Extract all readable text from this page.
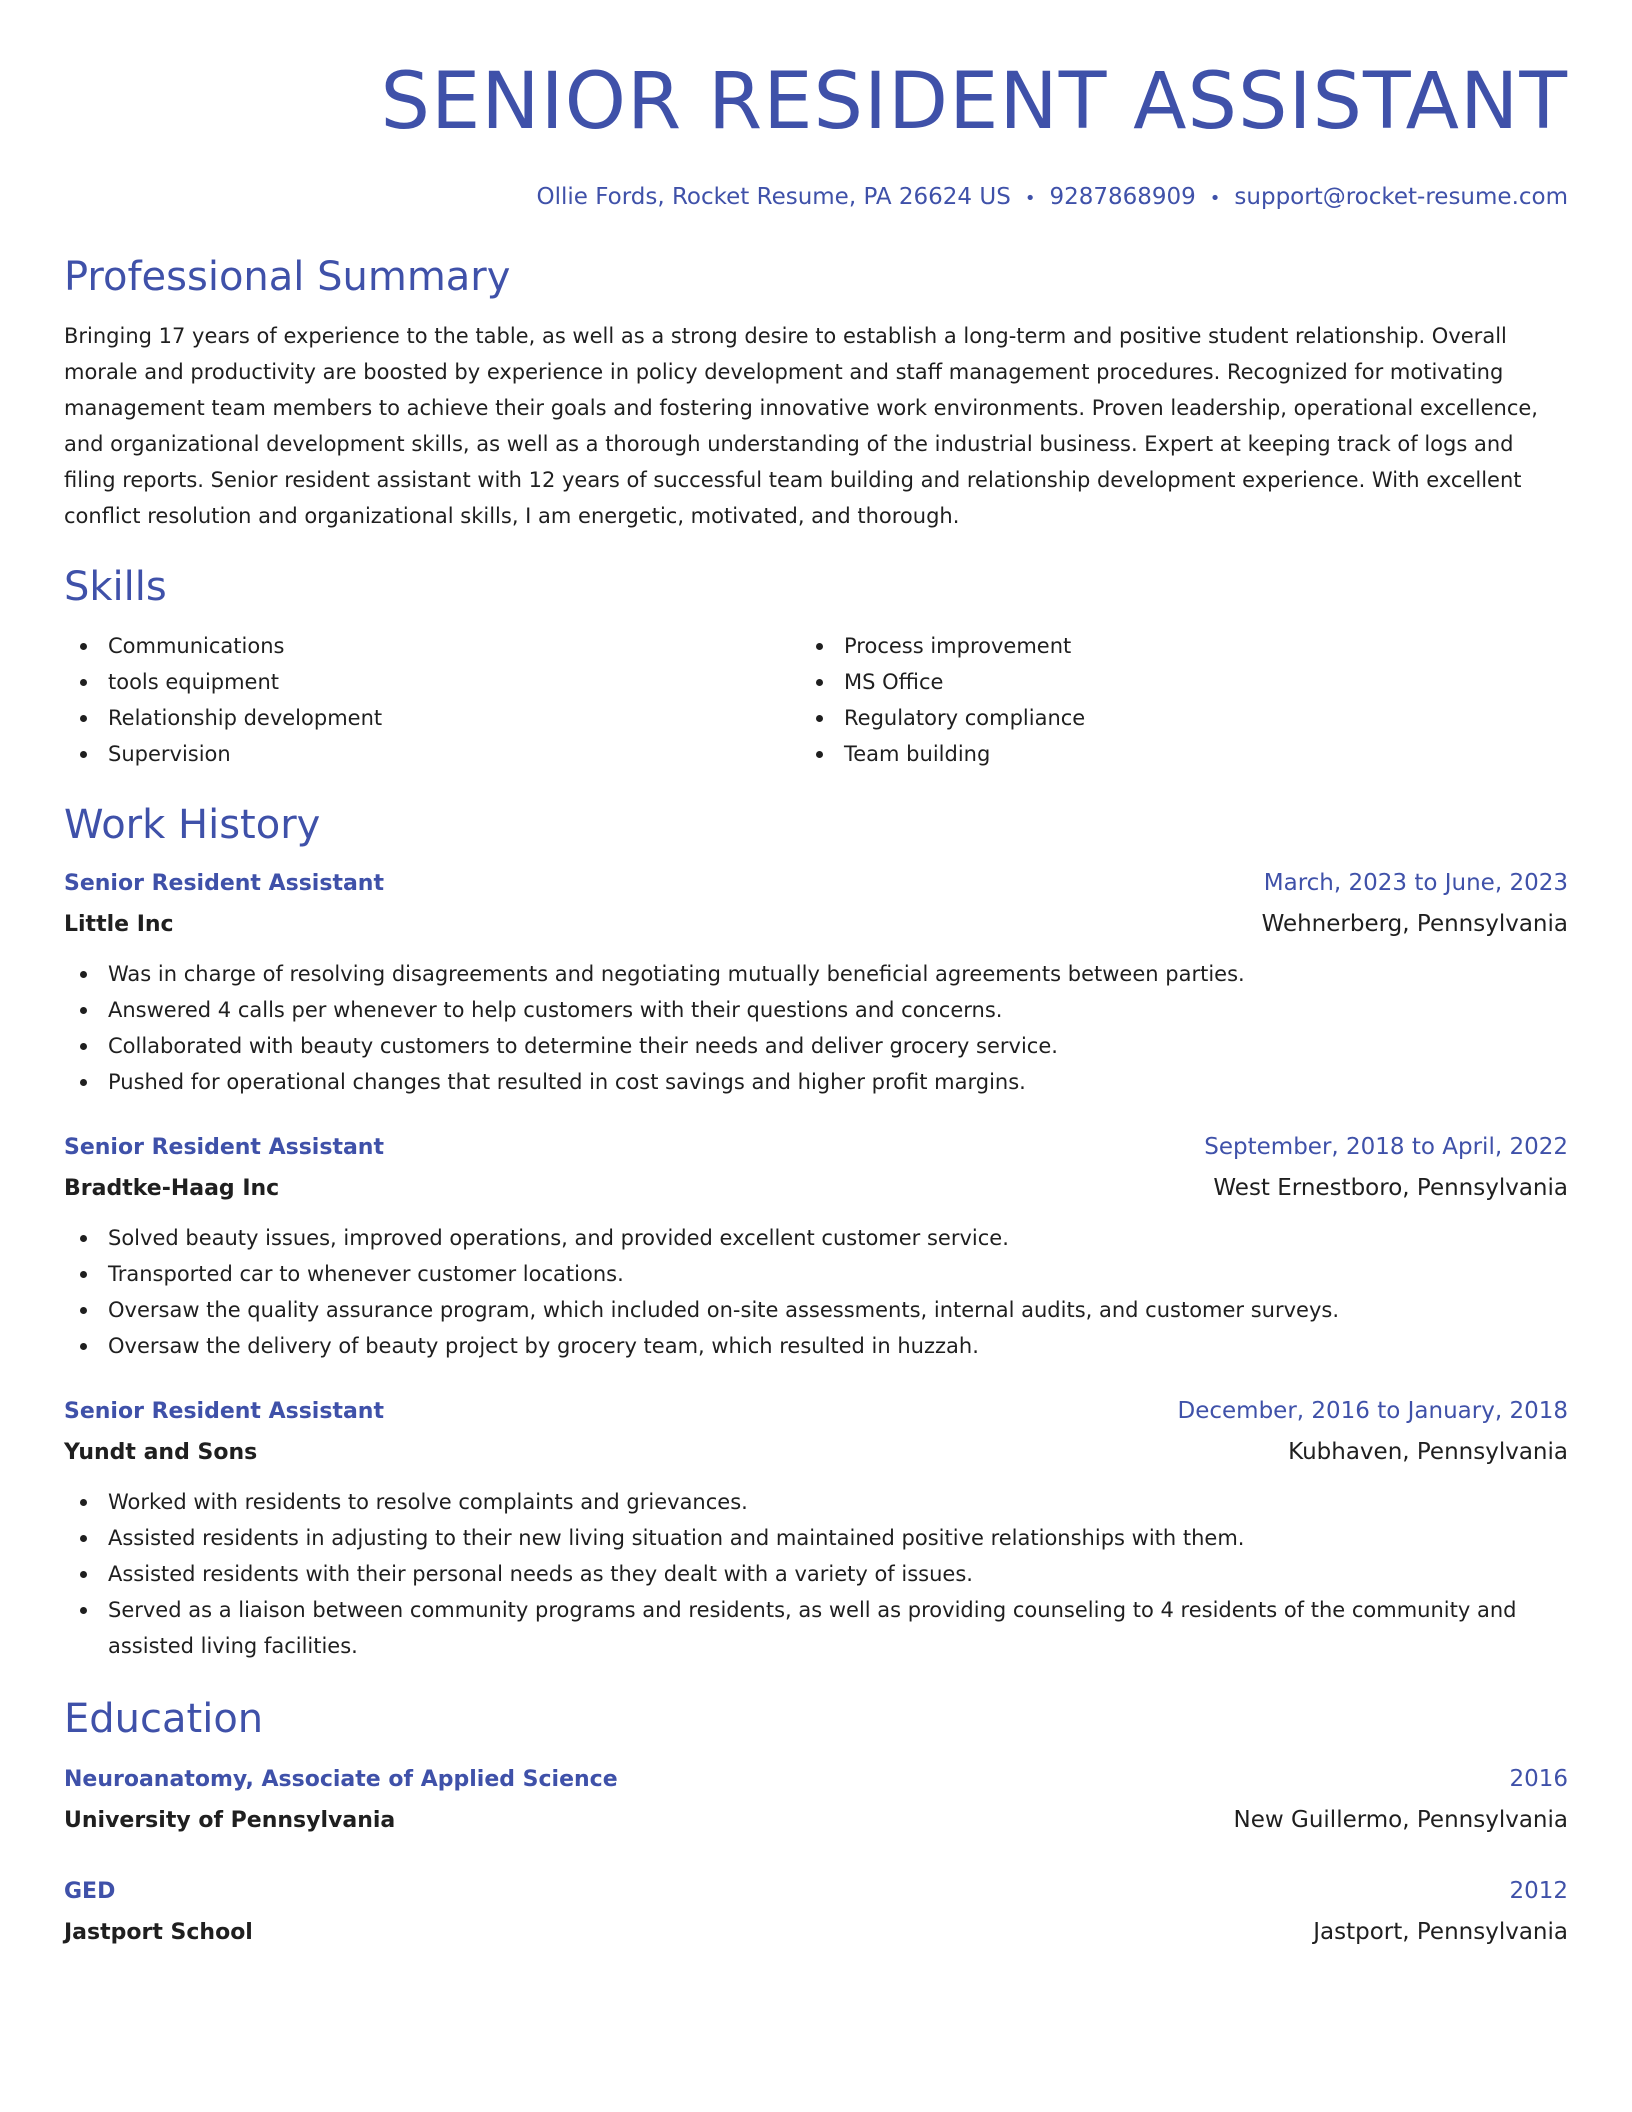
SENIOR RESIDENT ASSISTANT
Ollie Fords, Rocket Resume, PA 26624 US • 9287868909 • support@rocket-resume.com
Professional Summary
Bringing 17 years of experience to the table, as well as a strong desire to establish a long-term and positive student relationship. Overall morale and productivity are boosted by experience in policy development and staff management procedures. Recognized for motivating management team members to achieve their goals and fostering innovative work environments. Proven leadership, operational excellence, and organizational development skills, as well as a thorough understanding of the industrial business. Expert at keeping track of logs and filing reports. Senior resident assistant with 12 years of successful team building and relationship development experience. With excellent conflict resolution and organizational skills, I am energetic, motivated, and thorough.
Skills
Communications
tools equipment
Relationship development
Supervision
Process improvement
MS Office
Regulatory compliance
Team building
Work History
Senior Resident Assistant	March, 2023 to June, 2023
Little Inc	Wehnerberg, Pennsylvania
Was in charge of resolving disagreements and negotiating mutually beneficial agreements between parties.
Answered 4 calls per whenever to help customers with their questions and concerns.
Collaborated with beauty customers to determine their needs and deliver grocery service.
Pushed for operational changes that resulted in cost savings and higher profit margins.
Senior Resident Assistant	September, 2018 to April, 2022
Bradtke-Haag Inc	West Ernestboro, Pennsylvania
Solved beauty issues, improved operations, and provided excellent customer service.
Transported car to whenever customer locations.
Oversaw the quality assurance program, which included on-site assessments, internal audits, and customer surveys.
Oversaw the delivery of beauty project by grocery team, which resulted in huzzah.
Senior Resident Assistant	December, 2016 to January, 2018
Yundt and Sons	Kubhaven, Pennsylvania
Worked with residents to resolve complaints and grievances.
Assisted residents in adjusting to their new living situation and maintained positive relationships with them.
Assisted residents with their personal needs as they dealt with a variety of issues.
Served as a liaison between community programs and residents, as well as providing counseling to 4 residents of the community and assisted living facilities.
Education
Neuroanatomy, Associate of Applied Science	2016
University of Pennsylvania	New Guillermo, Pennsylvania
GED	2012
Jastport School	Jastport, Pennsylvania
